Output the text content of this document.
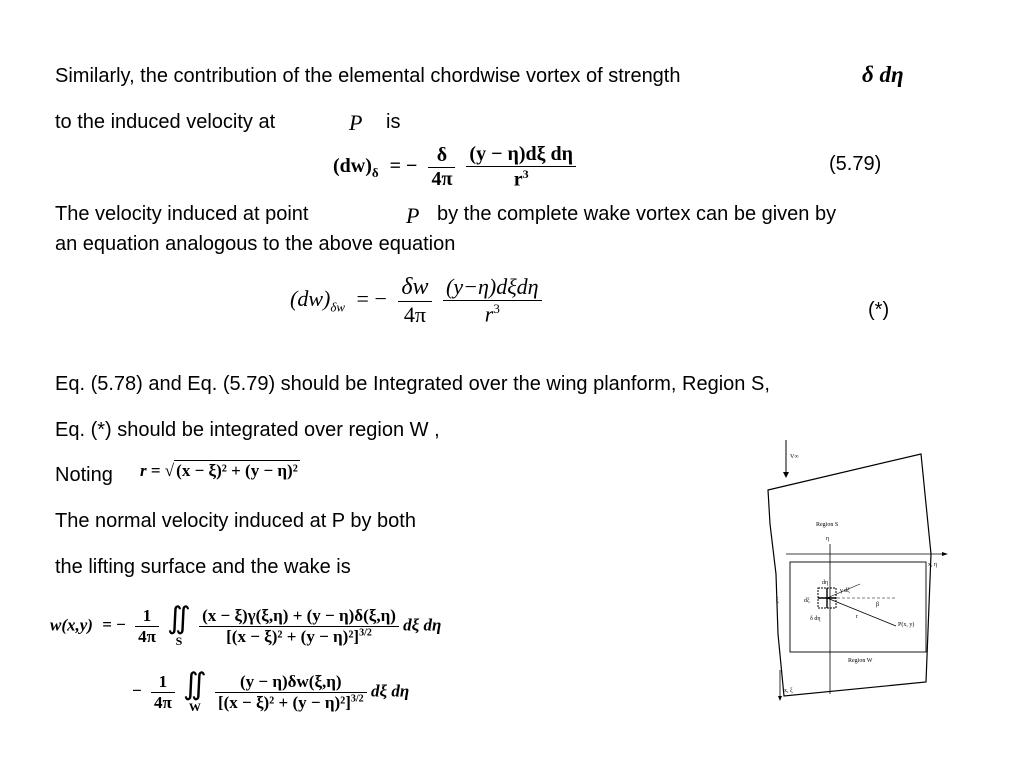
Similarly, the contribution of the elemental chordwise vortex of strength	δ dη
to the induced velocity at	P is
$(dw)_\delta$ = − $\frac{\delta}{4\pi}$
$\frac{\text{(y − η)dξ dη}}{r^3}$	(5.79)
The velocity induced at point	P by the complete wake vortex can be given by
an equation analogous to the above equation
$(dw)_{\delta w}$ = − $\frac{\delta w}{4\pi}$
$\frac{\text{(y−η)dξdη}}{r^3}$	(*)
Eq. (5.78) and Eq. (5.79) should be Integrated over the wing planform, Region S,
Eq. (*) should be integrated over region W ,
Noting r = √ (x − ξ)² + (y − η)²
The normal velocity induced at P by both
the lifting surface and the wake is
w(x,y) = − $\frac{1}{4\pi}$
∬
S
$\frac{(x - \xi)\gamma(\xi,\eta) + (y - \eta)\delta(\xi,\eta)}{[(x - \xi)^2 + (y - \eta)^2]^{3/2}}$ dξ dη
− $\frac{1}{4\pi}$
∬
W
$\frac{(y - \eta)\delta w(\xi,\eta)}{[(x - \xi)^2 + (y - \eta)^2]^{3/2}}$ dξ dη
V∞
Region S
x, η
η
Region W
dη
γ dξ
δ dη
ξ	dξ
β
r
P(x, y)
x, ξ
